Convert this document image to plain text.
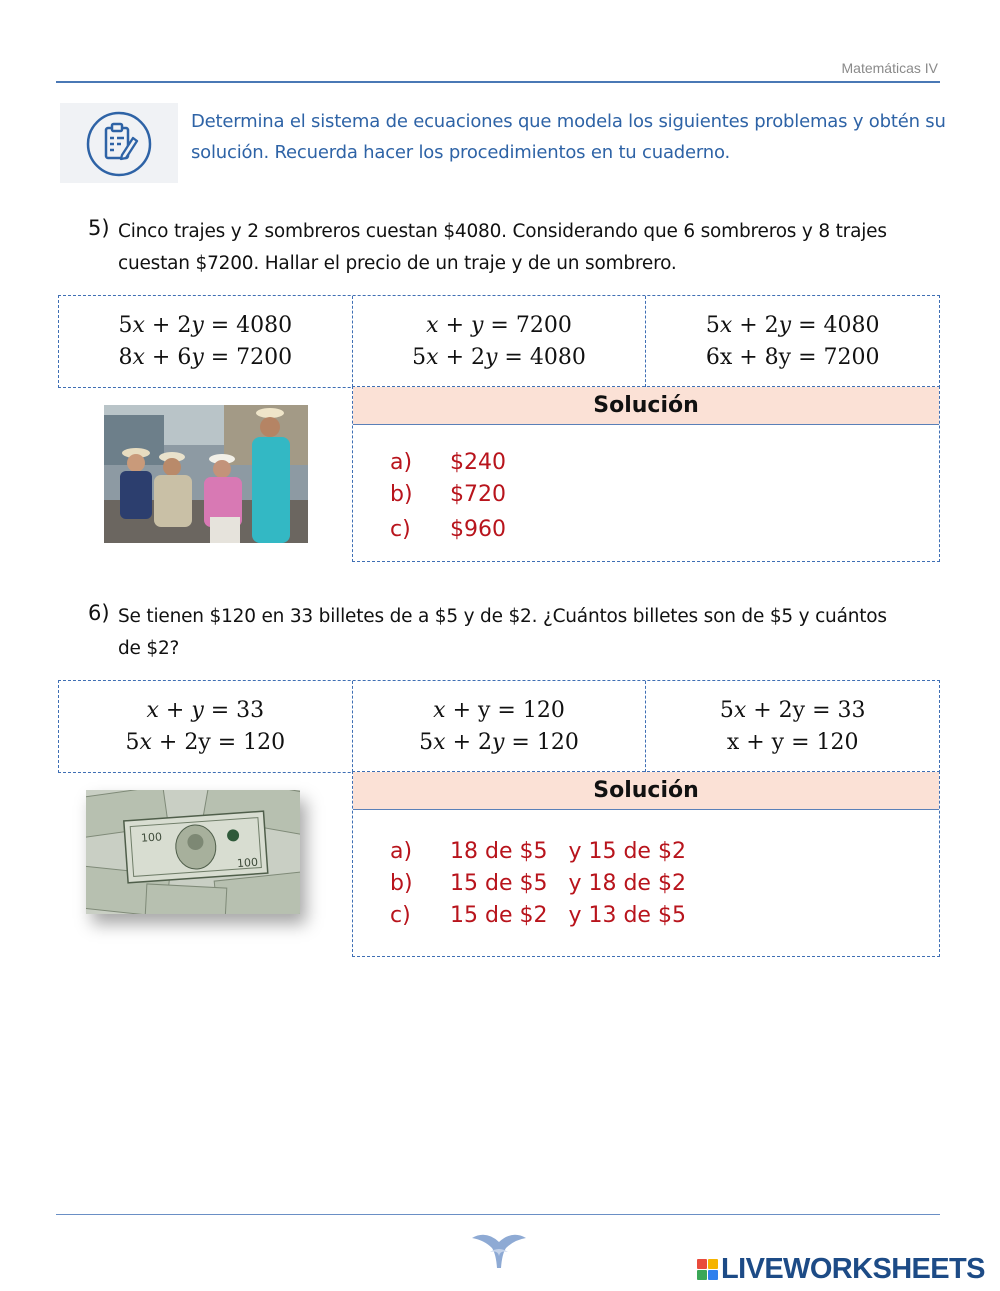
Matemáticas IV
Determina el sistema de ecuaciones que modela los siguientes problemas y obtén su
solución. Recuerda hacer los procedimientos en tu cuaderno.
5) Cinco trajes y 2 sombreros cuestan $4080. Considerando que 6 sombreros y 8 trajes
cuestan $7200. Hallar el precio de un traje y de un sombrero.
5𝑥 + 2𝑦 = 4080
8𝑥 + 6𝑦 = 7200
𝑥 + 𝑦 = 7200
5𝑥 + 2𝑦 = 4080
5𝑥 + 2𝑦 = 4080
6x + 8y = 7200
Solución
a)	$240
b)	$720
c)	$960
6) Se tienen $120 en 33 billetes de a $5 y de $2. ¿Cuántos billetes son de $5 y cuántos
de $2?
𝑥 + 𝑦 = 33
5𝑥 + 2y = 120
𝑥 + y = 120
5𝑥 + 2𝑦 = 120
5𝑥 + 2y = 33
x + y = 120
100
100
Solución
a)	18 de $5   y 15 de $2
b)	15 de $5   y 18 de $2
c)	15 de $2   y 13 de $5
LIVEWORKSHEETS
